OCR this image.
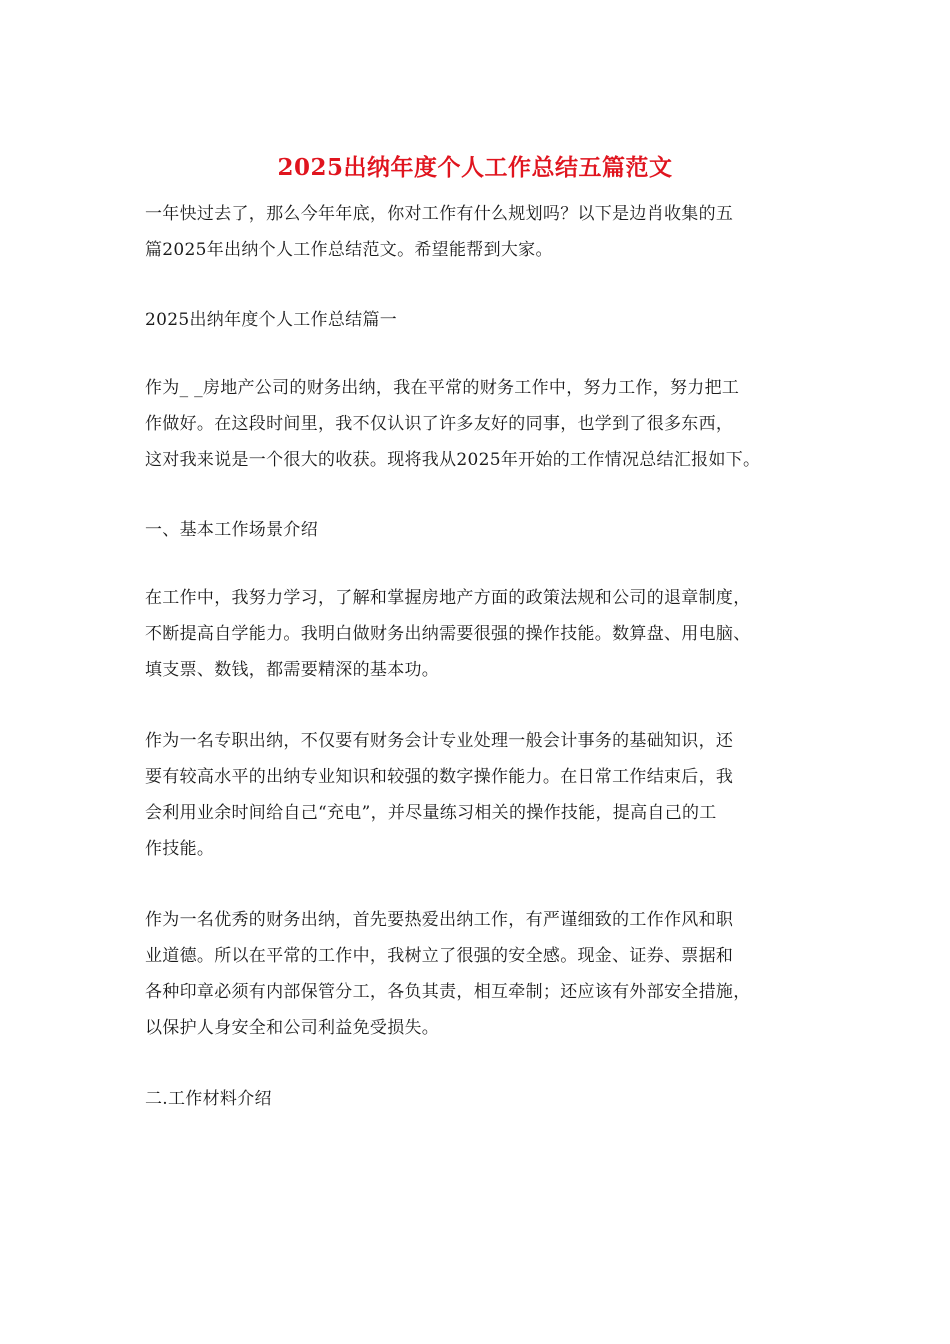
2025出纳年度个人工作总结五篇范文
一年快过去了，那么今年年底，你对工作有什么规划吗？以下是边肖收集的五
篇2025年出纳个人工作总结范文。希望能帮到大家。
2025出纳年度个人工作总结篇一
作为_ _房地产公司的财务出纳，我在平常的财务工作中，努力工作，努力把工
作做好。在这段时间里，我不仅认识了许多友好的同事，也学到了很多东西，
这对我来说是一个很大的收获。现将我从2025年开始的工作情况总结汇报如下。
一、基本工作场景介绍
在工作中，我努力学习，了解和掌握房地产方面的政策法规和公司的退章制度，
不断提高自学能力。我明白做财务出纳需要很强的操作技能。数算盘、用电脑、
填支票、数钱，都需要精深的基本功。
作为一名专职出纳，不仅要有财务会计专业处理一般会计事务的基础知识，还
要有较高水平的出纳专业知识和较强的数字操作能力。在日常工作结束后，我
会利用业余时间给自己“充电”，并尽量练习相关的操作技能，提高自己的工
作技能。
作为一名优秀的财务出纳，首先要热爱出纳工作，有严谨细致的工作作风和职
业道德。所以在平常的工作中，我树立了很强的安全感。现金、证券、票据和
各种印章必须有内部保管分工，各负其责，相互牵制；还应该有外部安全措施，
以保护人身安全和公司利益免受损失。
二.工作材料介绍
